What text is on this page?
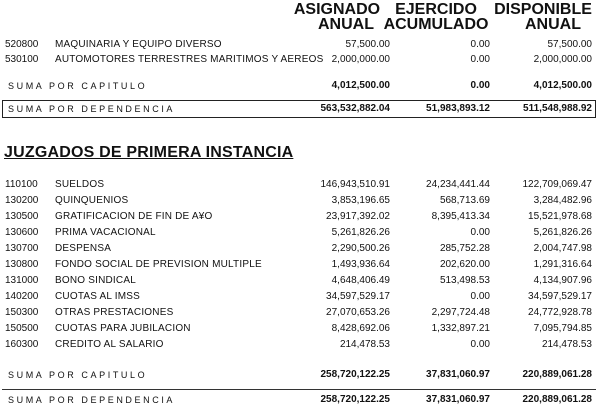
ASIGNADO
ANUAL
EJERCIDO
ACUMULADO
DISPONIBLE
ANUAL
520800 MAQUINARIA Y EQUIPO DIVERSO	57,500.00	0.00	57,500.00
530100 AUTOMOTORES TERRESTRES MARITIMOS Y AEREOS 2,000,000.00	0.00	2,000,000.00
SUMA POR CAPITULO	4,012,500.00	0.00	4,012,500.00
SUMA POR DEPENDENCIA	563,532,882.04	51,983,893.12	511,548,988.92
JUZGADOS DE PRIMERA INSTANCIA
110100 SUELDOS	146,943,510.91	24,234,441.44	122,709,069.47
130200 QUINQUENIOS	3,853,196.65	568,713.69	3,284,482.96
130500 GRATIFICACION DE FIN DE A¥O	23,917,392.02	8,395,413.34	15,521,978.68
130600 PRIMA VACACIONAL	5,261,826.26	0.00	5,261,826.26
130700 DESPENSA	2,290,500.26	285,752.28	2,004,747.98
130800 FONDO SOCIAL DE PREVISION MULTIPLE	1,493,936.64	202,620.00	1,291,316.64
131000 BONO SINDICAL	4,648,406.49	513,498.53	4,134,907.96
140200 CUOTAS AL IMSS	34,597,529.17	0.00	34,597,529.17
150300 OTRAS PRESTACIONES	27,070,653.26	2,297,724.48	24,772,928.78
150500 CUOTAS PARA JUBILACION	8,428,692.06	1,332,897.21	7,095,794.85
160300 CREDITO AL SALARIO	214,478.53	0.00	214,478.53
SUMA POR CAPITULO	258,720,122.25	37,831,060.97	220,889,061.28
SUMA POR DEPENDENCIA	258,720,122.25	37,831,060.97	220,889,061.28
